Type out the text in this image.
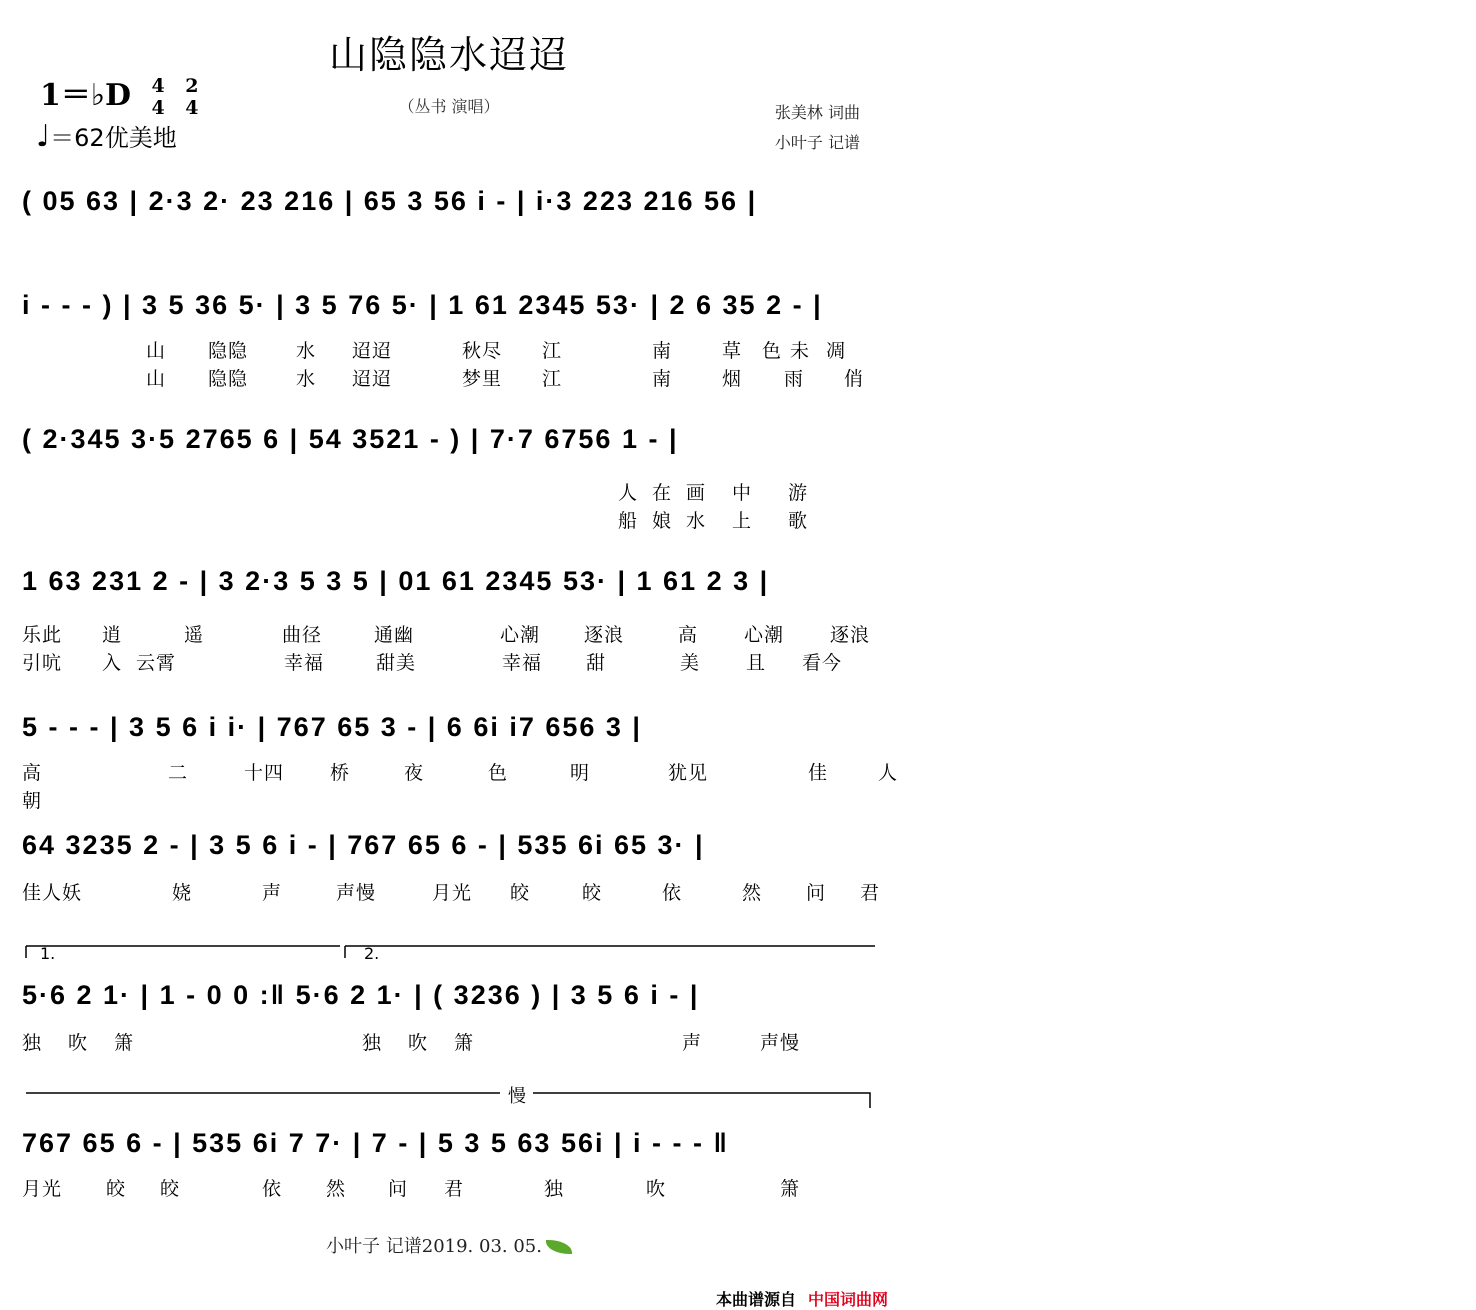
山隐隐水迢迢
（丛书 演唱）
1＝♭D 4
4

2
4
♩＝62优美地
张美林 词曲
小叶子 记谱
( 05 63 | 2·3 2· 23 216 | 65 3 56 i - | i·3 223 216 56 |
i - - - ) | 3 5 36 5· | 3 5 76 5· | 1 61 2345 53· | 2 6 35 2 - |
山 隐隐	水 迢迢	秋尽 江	南	草 色 未 凋
山 隐隐	水 迢迢	梦里 江	南	烟 雨 俏
( 2·345 3·5 2765 6 | 54 3521 - ) | 7·7 6756 1 - |
人 在 画 中 游
船 娘 水 上 歌
1 63 231 2 - | 3 2·3 5 3 5 | 01 61 2345 53· | 1 61 2 3 |
乐此 逍	遥	曲径	通幽	心潮 逐浪	高 心潮 逐浪
引吭 入 云霄	幸福	甜美	幸福 甜	美 且 看今
5 - - - | 3 5 6 i i· | 767 65 3 - | 6 6i i7 656 3 |
高	二	十四 桥	夜	色	明	犹见	佳	人
朝
64 3235 2 - | 3 5 6 i - | 767 65 6 - | 535 6i 65 3· |
佳人妖	娆	声	声慢	月光 皎	皎	依	然 问 君
1.	2.
5·6 2 1· | 1 - 0 0 :‖ 5·6 2 1· | ( 3236 ) | 3 5 6 i - |
独 吹 箫	独 吹 箫	声	声慢
慢
767 65 6 - | 535 6i 7 7· | 7 - | 5 3 5 63 56i | i - - - ‖
月光 皎 皎	依 然 问 君	独	吹	箫
小叶子 记谱2019. 03. 05.
本曲谱源自 中国词曲网
